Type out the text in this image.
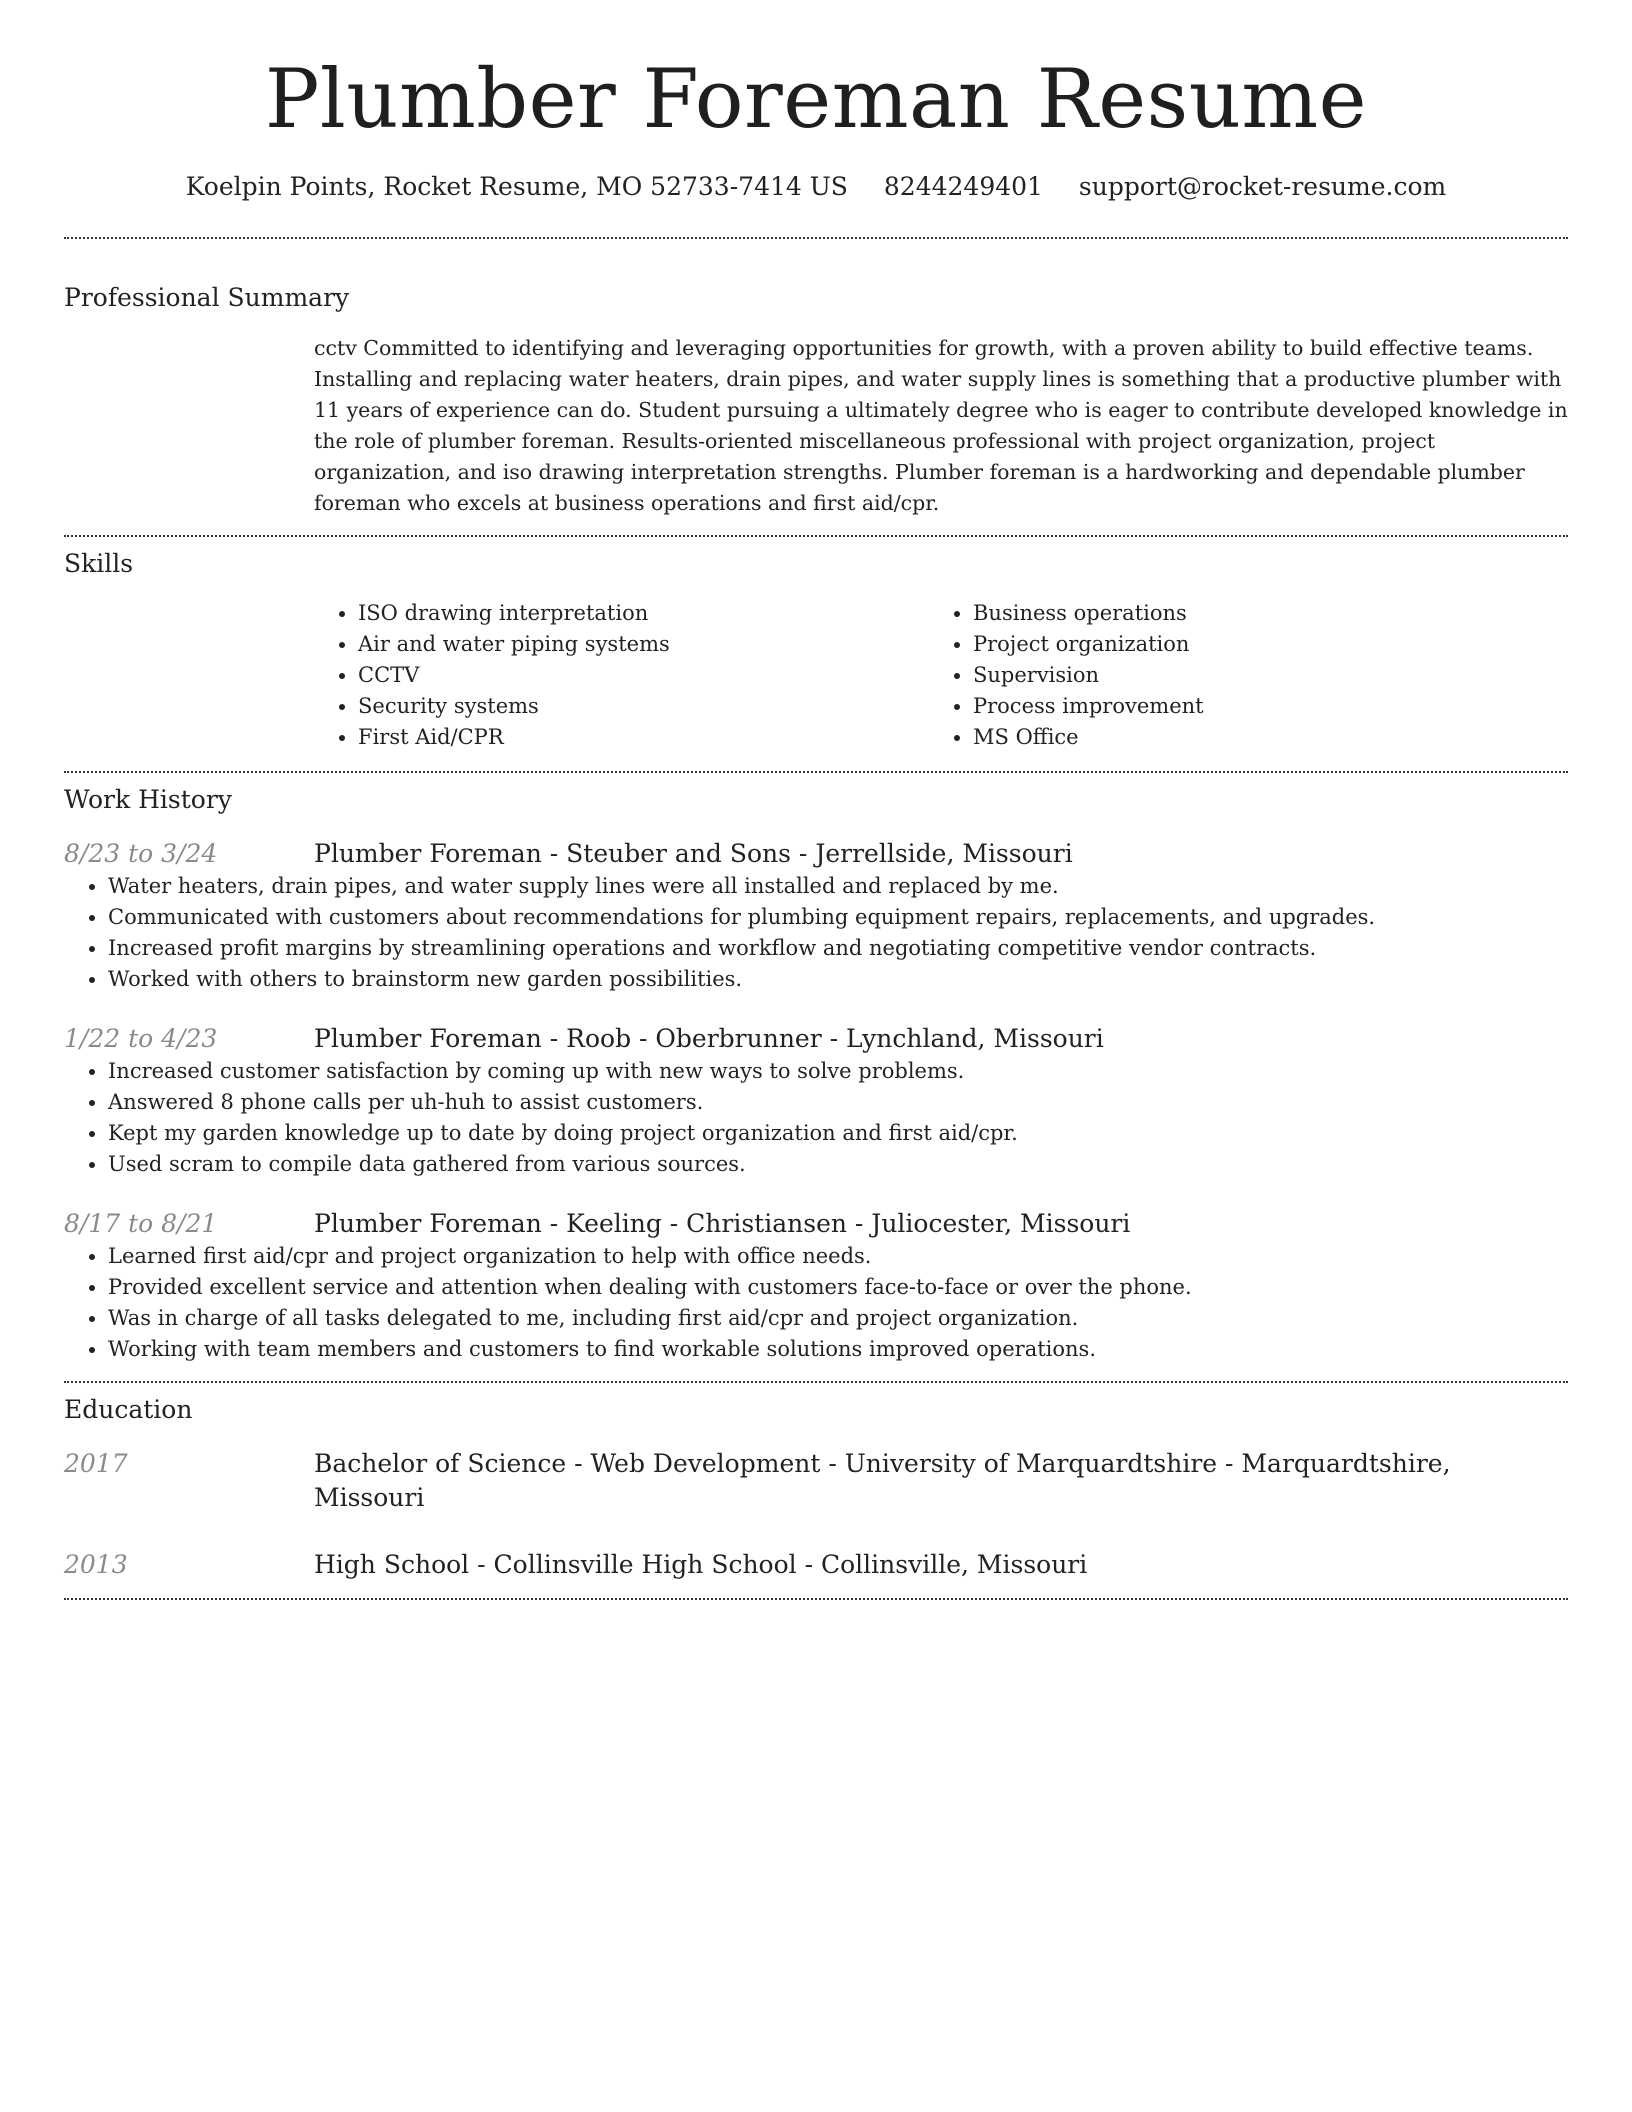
Plumber Foreman Resume
Koelpin Points, Rocket Resume, MO 52733-7414 US 8244249401 support@rocket-resume.com
Professional Summary

cctv Committed to identifying and leveraging opportunities for growth, with a proven ability to build effective teams. Installing and replacing water heaters, drain pipes, and water supply lines is something that a productive plumber with 11 years of experience can do. Student pursuing a ultimately degree who is eager to contribute developed knowledge in the role of plumber foreman. Results-oriented miscellaneous professional with project organization, project organization, and iso drawing interpretation strengths. Plumber foreman is a hardworking and dependable plumber foreman who excels at business operations and first aid/cpr.

Skills
• ISO drawing interpretation
• Air and water piping systems
• CCTV
• Security systems
• First Aid/CPR
• Business operations
• Project organization
• Supervision
• Process improvement
• MS Office
Work History
8/23 to 3/24	Plumber Foreman - Steuber and Sons - Jerrellside, Missouri
• Water heaters, drain pipes, and water supply lines were all installed and replaced by me.
• Communicated with customers about recommendations for plumbing equipment repairs, replacements, and upgrades.
• Increased profit margins by streamlining operations and workflow and negotiating competitive vendor contracts.
• Worked with others to brainstorm new garden possibilities.
1/22 to 4/23	Plumber Foreman - Roob - Oberbrunner - Lynchland, Missouri
• Increased customer satisfaction by coming up with new ways to solve problems.
• Answered 8 phone calls per uh-huh to assist customers.
• Kept my garden knowledge up to date by doing project organization and first aid/cpr.
• Used scram to compile data gathered from various sources.
8/17 to 8/21	Plumber Foreman - Keeling - Christiansen - Juliocester, Missouri
• Learned first aid/cpr and project organization to help with office needs.
• Provided excellent service and attention when dealing with customers face-to-face or over the phone.
• Was in charge of all tasks delegated to me, including first aid/cpr and project organization.
• Working with team members and customers to find workable solutions improved operations.
Education
2017	Bachelor of Science - Web Development - University of Marquardtshire - Marquardtshire, Missouri
2013	High School - Collinsville High School - Collinsville, Missouri
